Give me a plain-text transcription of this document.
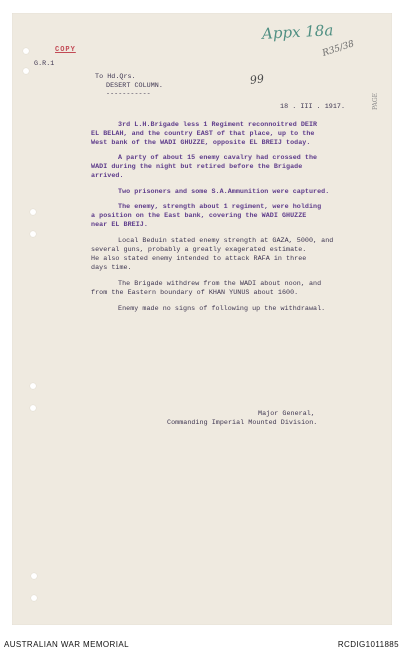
COPY
G.R.1
Appx 18a
R35/38
99
PAGE
To Hd.Qrs.
DESERT COLUMN.
-----------
18 . III . 1917.
3rd L.H.Brigade less 1 Regiment reconnoitred DEIR
EL BELAH, and the country EAST of that place, up to the
West bank of the WADI GHUZZE, opposite EL BREIJ today.
A party of about 15 enemy cavalry had crossed the
WADI during the night but retired before the Brigade
arrived.
Two prisoners and some S.A.Ammunition were captured.
The enemy, strength about 1 regiment, were holding
a position on the East bank, covering the WADI GHUZZE
near EL BREIJ.
Local Beduin stated enemy strength at GAZA, 5000, and
several guns, probably a greatly exagerated estimate.
He also stated enemy intended to attack RAFA in three
days time.
The Brigade withdrew from the WADI about noon, and
from the Eastern boundary of KHAN YUNUS about 1600.
Enemy made no signs of following up the withdrawal.
Major General,
Commanding Imperial Mounted Division.
AUSTRALIAN WAR MEMORIAL	RCDIG1011885
